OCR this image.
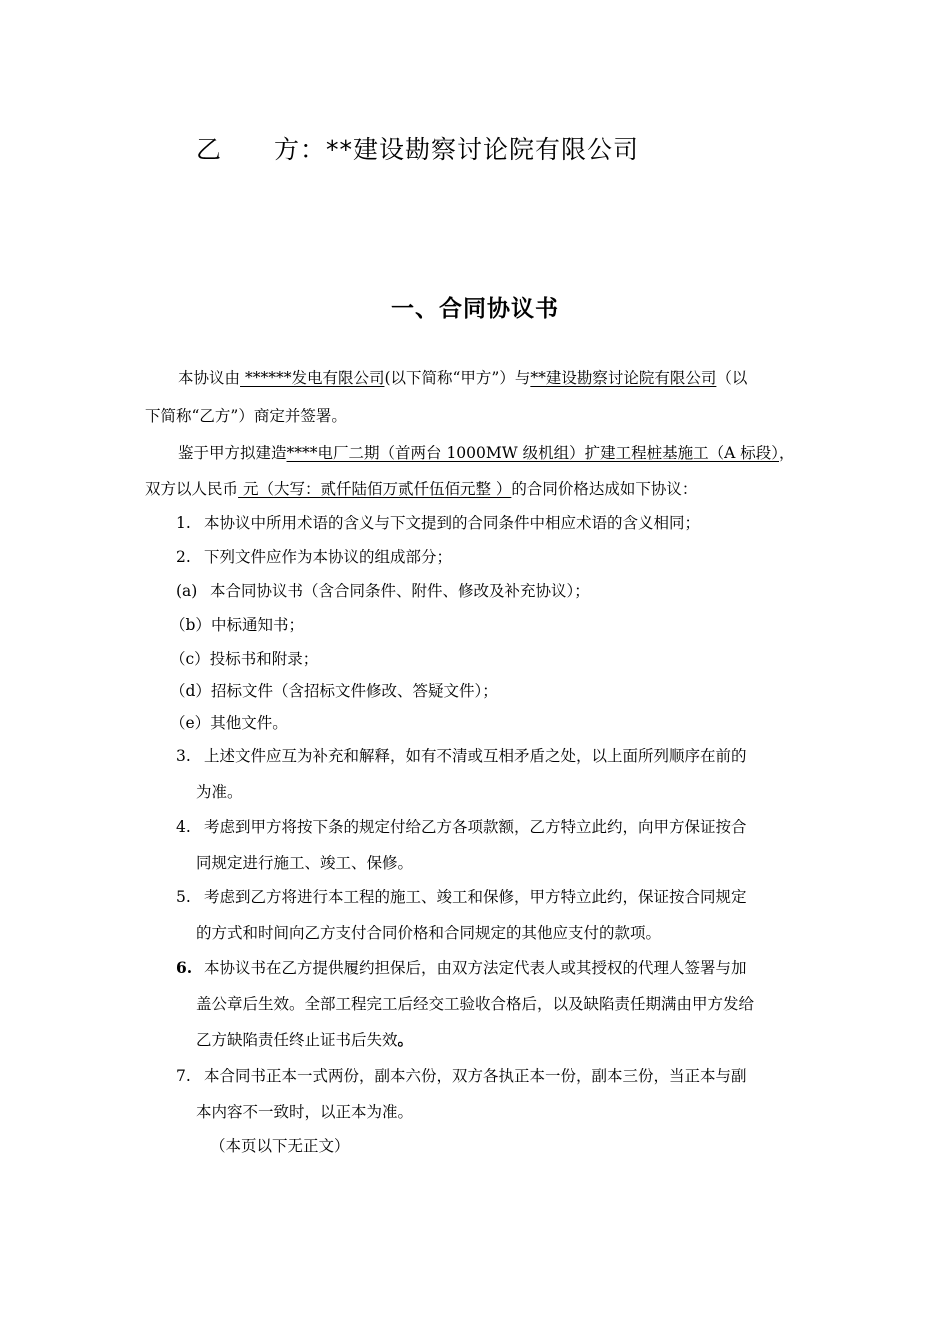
乙 方：**建设勘察讨论院有限公司
一、合同协议书
本协议由 ******发电有限公司(以下简称“甲方”）与**建设勘察讨论院有限公司（以
下简称“乙方”）商定并签署。
鉴于甲方拟建造****电厂二期（首两台 1000MW 级机组）扩建工程桩基施工（A 标段），
双方以人民币 元（大写：贰仟陆佰万贰仟伍佰元整 ）的合同价格达成如下协议：
1. 本协议中所用术语的含义与下文提到的合同条件中相应术语的含义相同；
2. 下列文件应作为本协议的组成部分；
(a) 本合同协议书（含合同条件、附件、修改及补充协议）；
（b）中标通知书；
（c）投标书和附录；
（d）招标文件（含招标文件修改、答疑文件）；
（e）其他文件。
3. 上述文件应互为补充和解释，如有不清或互相矛盾之处，以上面所列顺序在前的
为准。
4. 考虑到甲方将按下条的规定付给乙方各项款额，乙方特立此约，向甲方保证按合
同规定进行施工、竣工、保修。
5. 考虑到乙方将进行本工程的施工、竣工和保修，甲方特立此约，保证按合同规定
的方式和时间向乙方支付合同价格和合同规定的其他应支付的款项。
6. 本协议书在乙方提供履约担保后，由双方法定代表人或其授权的代理人签署与加
盖公章后生效。全部工程完工后经交工验收合格后，以及缺陷责任期满由甲方发给
乙方缺陷责任终止证书后失效。
7. 本合同书正本一式两份，副本六份，双方各执正本一份，副本三份，当正本与副
本内容不一致时，以正本为准。
（本页以下无正文）
